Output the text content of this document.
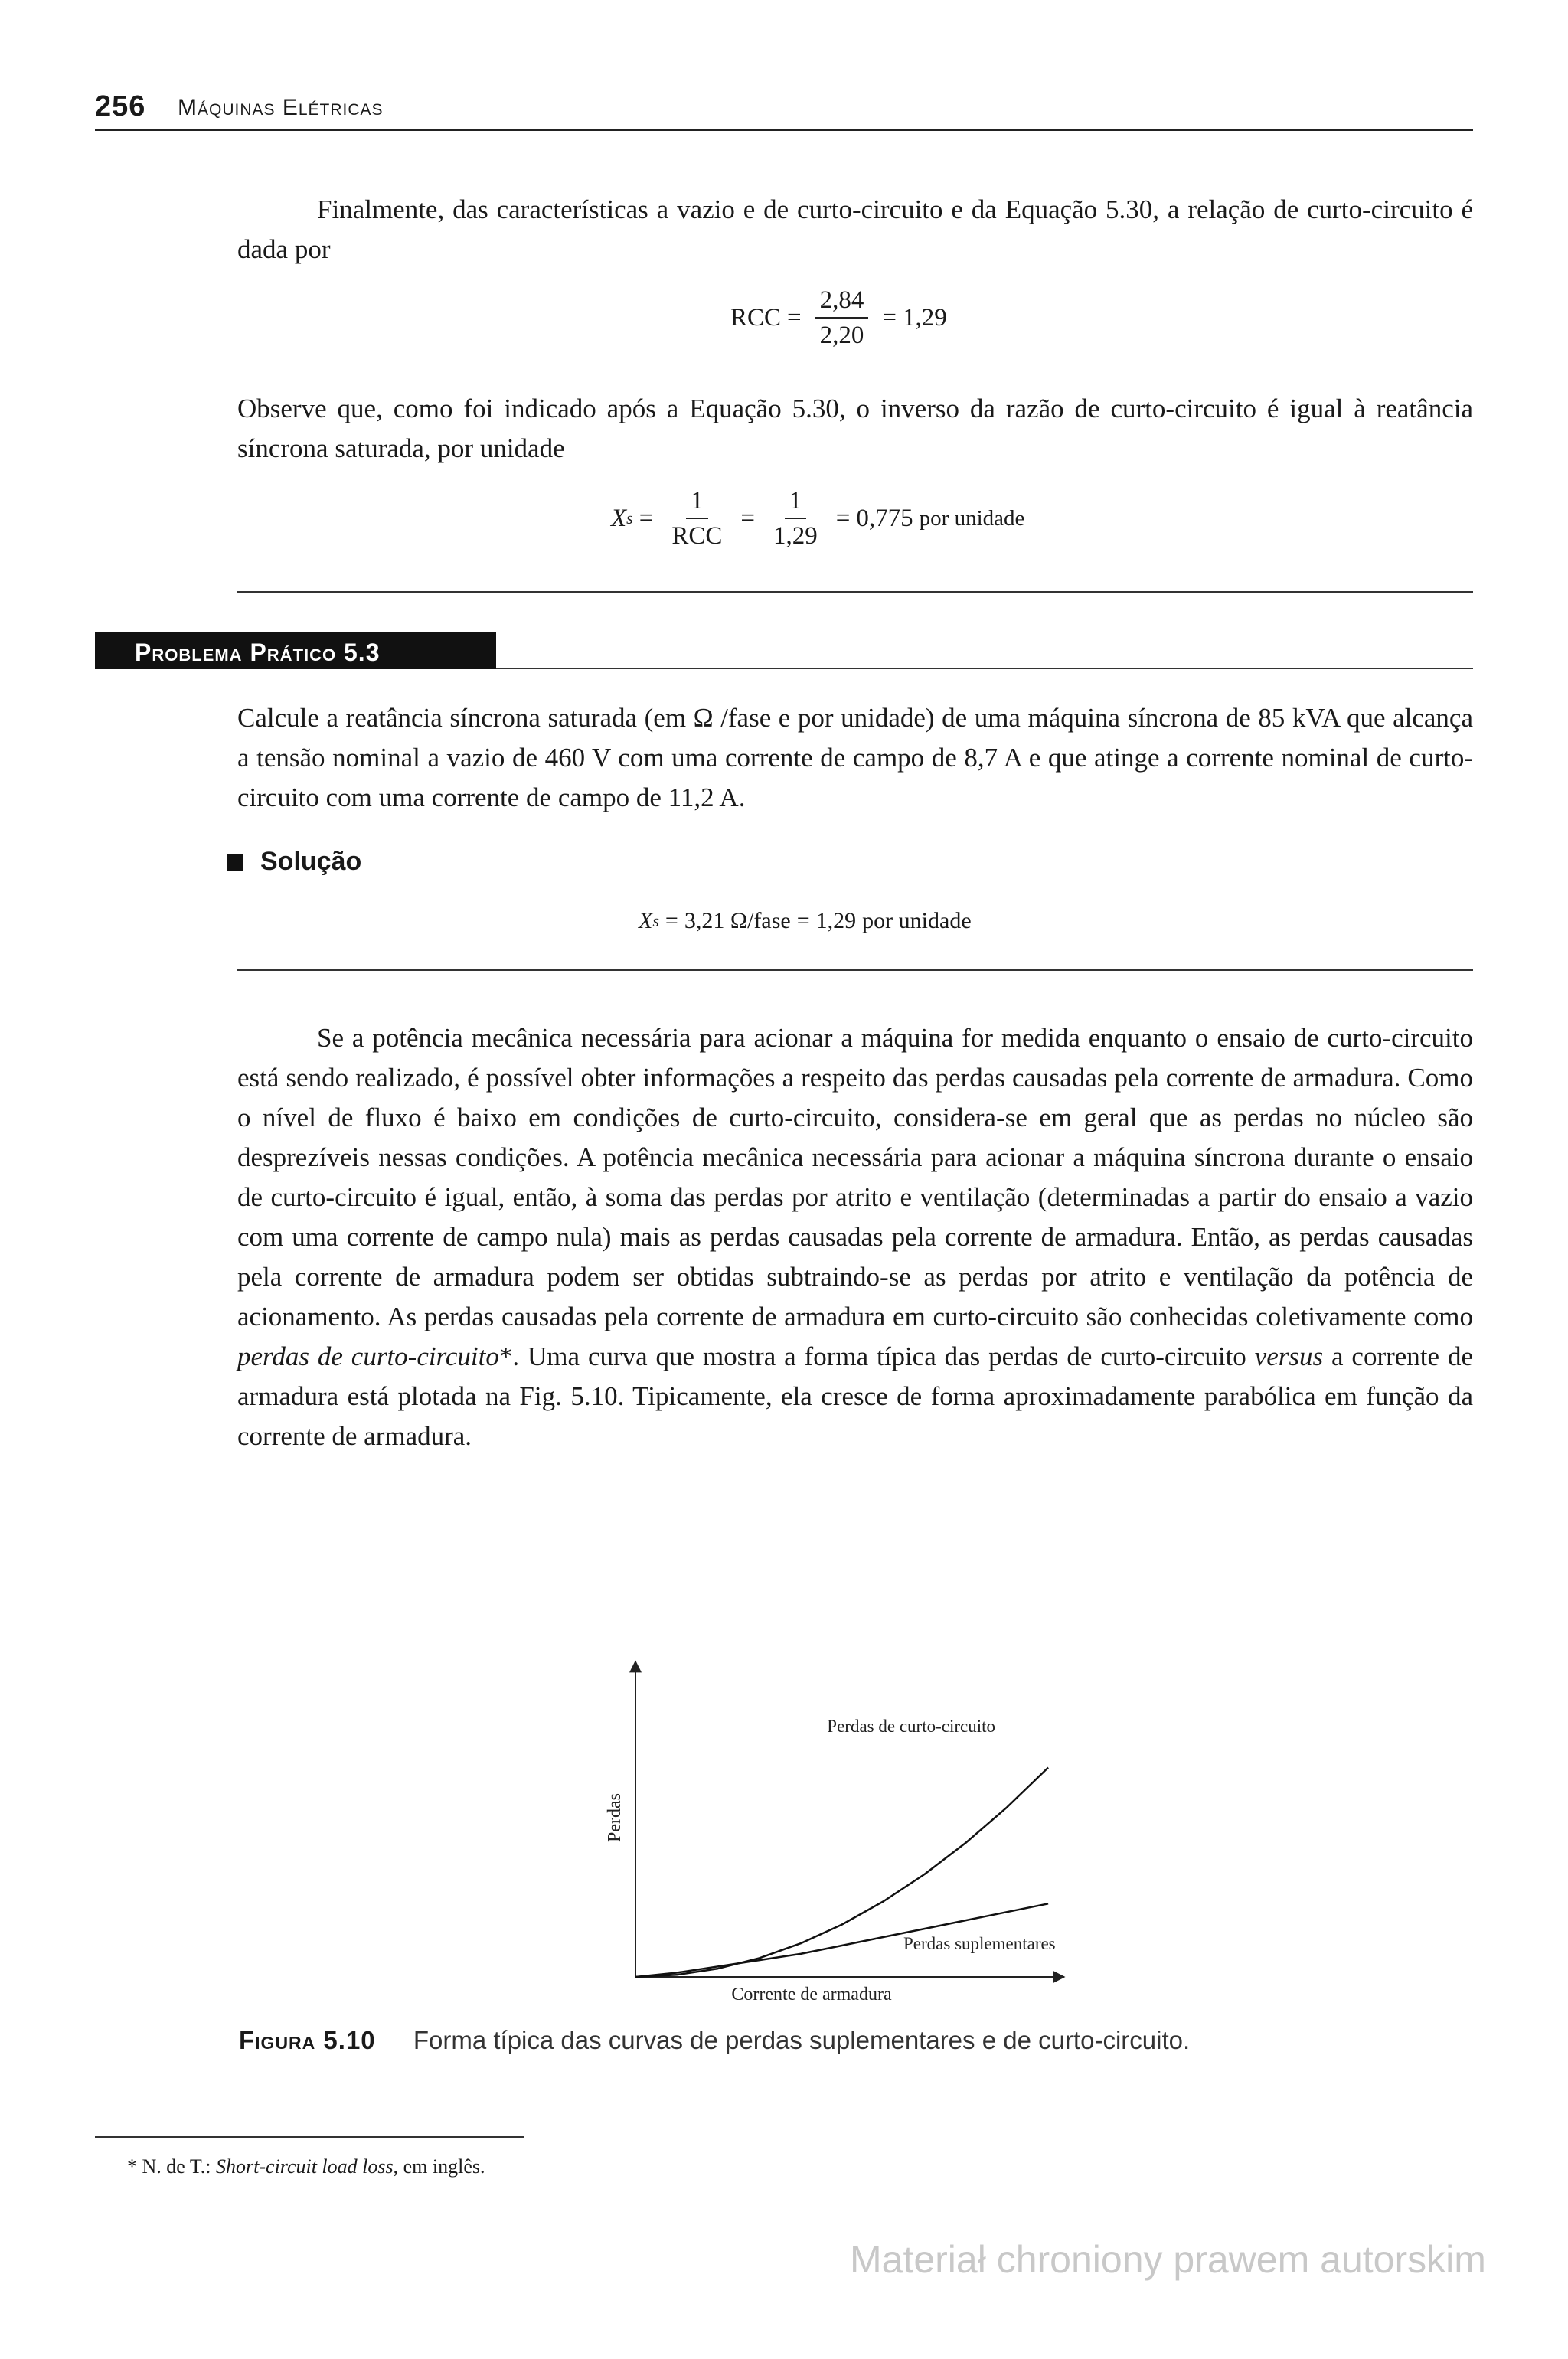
256 Máquinas Elétricas

Finalmente, das características a vazio e de curto-circuito e da Equação 5.30, a relação de curto-circuito é dada por

RCC = $\frac{2,84}{2,20} = 1,29$

Observe que, como foi indicado após a Equação 5.30, o inverso da razão de curto-circuito é igual à reatância síncrona saturada, por unidade

X $s = \frac{1}{\text{RCC}} = \frac{1}{1,29} = 0,775$ por unidade
Problema Prático 5.3

Calcule a reatância síncrona saturada (em Ω /fase e por unidade) de uma máquina síncrona de 85 kVA que alcança a tensão nominal a vazio de 460 V com uma corrente de campo de 8,7 A e que atinge a corrente nominal de curto-circuito com uma corrente de campo de 11,2 A.

Solução
X s = 3,21 Ω/fase = 1,29 por unidade

Se a potência mecânica necessária para acionar a máquina for medida enquanto o ensaio de curto-circuito está sendo realizado, é possível obter informações a respeito das perdas causadas pela corrente de armadura. Como o nível de fluxo é baixo em condições de curto-circuito, considera-se em geral que as perdas no núcleo são desprezíveis nessas condições. A potência mecânica necessária para acionar a máquina síncrona durante o ensaio de curto-circuito é igual, então, à soma das perdas por atrito e ventilação (determinadas a partir do ensaio a vazio com uma corrente de campo nula) mais as perdas causadas pela corrente de armadura. Então, as perdas causadas pela corrente de armadura podem ser obtidas subtraindo-se as perdas por atrito e ventilação da potência de acionamento. As perdas causadas pela corrente de armadura em curto-circuito são conhecidas coletivamente como perdas de curto-circuito*. Uma curva que mostra a forma típica das perdas de curto-circuito versus a corrente de armadura está plotada na Fig. 5.10. Tipicamente, ela cresce de forma aproximadamente parabólica em função da corrente de armadura.

Perdas
Corrente de armadura
Perdas de curto-circuito
Perdas suplementares
Figura 5.10 Forma típica das curvas de perdas suplementares e de curto-circuito.
* N. de T.: Short-circuit load loss, em inglês.
Materiał chroniony prawem autorskim
